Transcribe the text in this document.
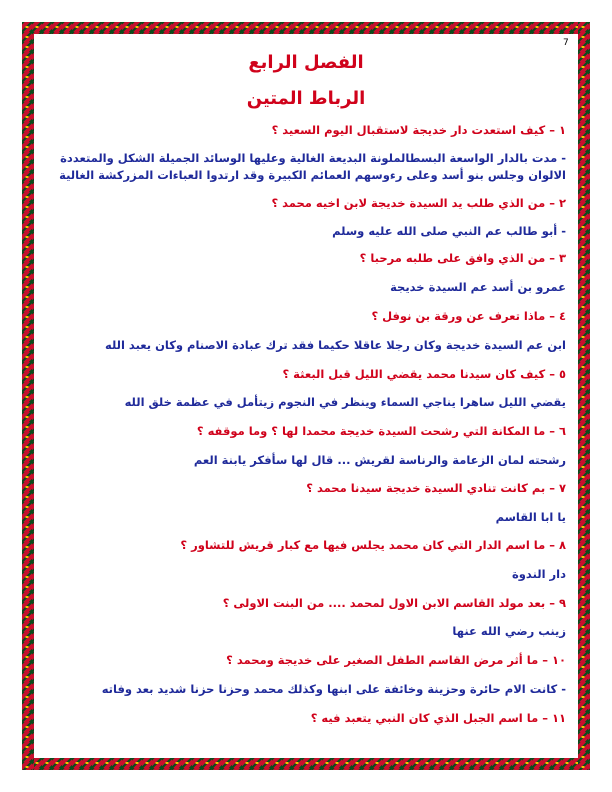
7
الفصل الرابع
الرباط المتين
١ – كيف استعدت دار خديجة لاستقبال اليوم السعيد ؟
- مدت بالدار الواسعة البسطالملونة البديعة الغالية وعليها الوسائد الجميلة الشكل والمتعددة الالوان وجلس بنو أسد وعلى رءوسهم العمائم الكبيرة وقد ارتدوا العباءات المزركشة الغالية
٢ – من الذي طلب يد السيدة خديجة لابن اخيه محمد ؟
- أبو طالب عم النبي صلى الله عليه وسلم
٣ – من الذي وافق على طلبه مرحبا ؟
عمرو بن أسد عم السيدة خديجة
٤ – ماذا تعرف عن ورقة بن نوفل ؟
ابن عم السيدة خديجة وكان رجلا عاقلا حكيما فقد ترك عبادة الاصنام وكان يعبد الله
٥ – كيف كان سيدنا محمد يقضي الليل قبل البعثة ؟
يقضي الليل ساهرا يناجي السماء وينظر في النجوم زيتأمل في عظمة خلق الله
٦ – ما المكانة التي رشحت السيدة خديجة محمدا لها ؟ وما موقفه ؟
رشحته لمان الزعامة والرناسة لقريش ... قال لها سأفكر يابنة العم
٧ – بم كانت تنادي السيدة خديجة سيدنا محمد ؟
يا ابا القاسم
٨ – ما اسم الدار التي كان محمد يجلس فيها مع كبار قريش للتشاور ؟
دار الندوة
٩ – بعد مولد القاسم الابن الاول لمحمد .... من البنت الاولى ؟
زينب رضي الله عنها
١٠ – ما أثر مرض القاسم الطفل الصغير على خديجة ومحمد ؟
- كانت الام حائرة وحزينة وخائفة على ابنها وكذلك محمد وحزنا حزنا شديد بعد وفاته
١١ – ما اسم الجبل الذي كان النبي يتعبد فيه ؟
